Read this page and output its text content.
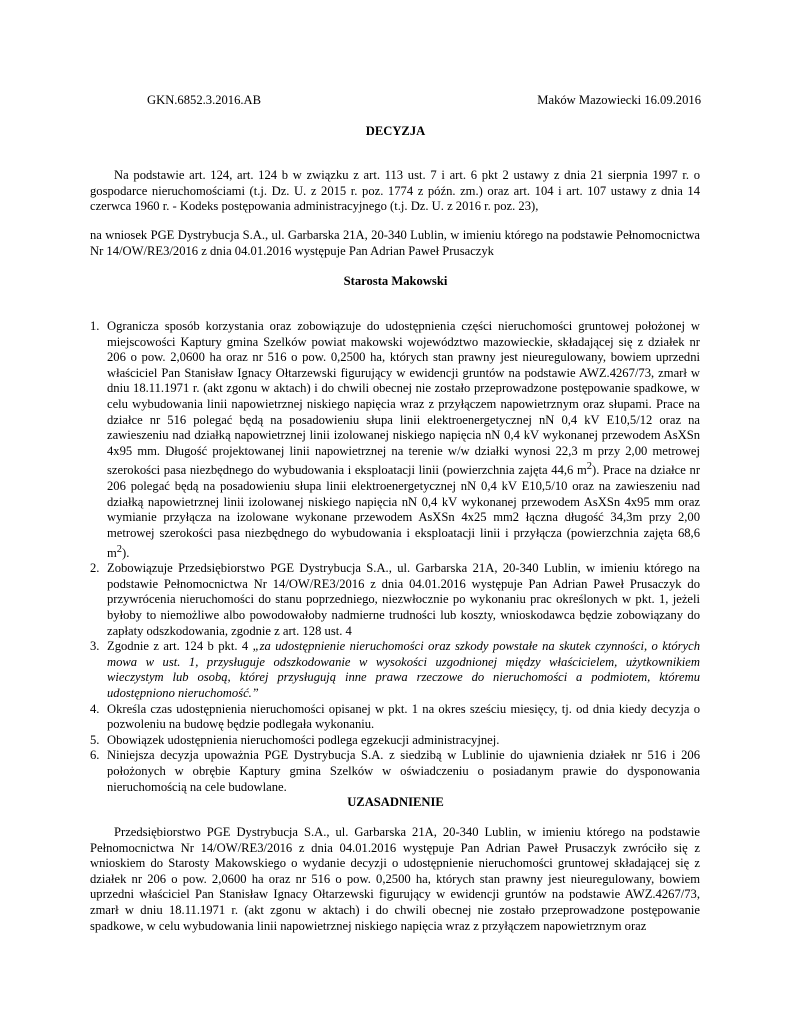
GKN.6852.3.2016.AB	Maków Mazowiecki 16.09.2016
DECYZJA
Na podstawie art. 124, art. 124 b w związku z art. 113 ust. 7 i art. 6 pkt 2 ustawy z dnia 21 sierpnia 1997 r. o gospodarce nieruchomościami (t.j. Dz. U. z 2015 r. poz. 1774 z późn. zm.) oraz art. 104 i art. 107 ustawy z dnia 14 czerwca 1960 r. - Kodeks postępowania administracyjnego (t.j. Dz. U. z 2016 r. poz. 23),
na wniosek PGE Dystrybucja S.A., ul. Garbarska 21A, 20-340 Lublin, w imieniu którego na podstawie Pełnomocnictwa Nr 14/OW/RE3/2016 z dnia 04.01.2016 występuje Pan Adrian Paweł Prusaczyk
Starosta Makowski
1. Ogranicza sposób korzystania oraz zobowiązuje do udostępnienia części nieruchomości gruntowej położonej w miejscowości Kaptury gmina Szelków powiat makowski województwo mazowieckie, składającej się z działek nr 206 o pow. 2,0600 ha oraz nr 516 o pow. 0,2500 ha, których stan prawny jest nieuregulowany, bowiem uprzedni właściciel Pan Stanisław Ignacy Ołtarzewski figurujący w ewidencji gruntów na podstawie AWZ.4267/73, zmarł w dniu 18.11.1971 r. (akt zgonu w aktach) i do chwili obecnej nie zostało przeprowadzone postępowanie spadkowe, w celu wybudowania linii napowietrznej niskiego napięcia wraz z przyłączem napowietrznym oraz słupami. Prace na działce nr 516 polegać będą na posadowieniu słupa linii elektroenergetycznej nN 0,4 kV E10,5/12 oraz na zawieszeniu nad działką napowietrznej linii izolowanej niskiego napięcia nN 0,4 kV wykonanej przewodem AsXSn 4x95 mm. Długość projektowanej linii napowietrznej na terenie w/w działki wynosi 22,3 m przy 2,00 metrowej szerokości pasa niezbędnego do wybudowania i eksploatacji linii (powierzchnia zajęta 44,6 $m^2$). Prace na działce nr 206 polegać będą na posadowieniu słupa linii elektroenergetycznej nN 0,4 kV E10,5/10 oraz na zawieszeniu nad działką napowietrznej linii izolowanej niskiego napięcia nN 0,4 kV wykonanej przewodem AsXSn 4x95 mm oraz wymianie przyłącza na izolowane wykonane przewodem AsXSn 4x25 mm2 łączna długość 34,3m przy 2,00 metrowej szerokości pasa niezbędnego do wybudowania i eksploatacji linii i przyłącza (powierzchnia zajęta 68,6 $m^2$).
2. Zobowiązuje Przedsiębiorstwo PGE Dystrybucja S.A., ul. Garbarska 21A, 20-340 Lublin, w imieniu którego na podstawie Pełnomocnictwa Nr 14/OW/RE3/2016 z dnia 04.01.2016 występuje Pan Adrian Paweł Prusaczyk do przywrócenia nieruchomości do stanu poprzedniego, niezwłocznie po wykonaniu prac określonych w pkt. 1, jeżeli byłoby to niemożliwe albo powodowałoby nadmierne trudności lub koszty, wnioskodawca będzie zobowiązany do zapłaty odszkodowania, zgodnie z art. 128 ust. 4
3. Zgodnie z art. 124 b pkt. 4 „za udostępnienie nieruchomości oraz szkody powstałe na skutek czynności, o których mowa w ust. 1, przysługuje odszkodowanie w wysokości uzgodnionej między właścicielem, użytkownikiem wieczystym lub osobą, której przysługują inne prawa rzeczowe do nieruchomości a podmiotem, któremu udostępniono nieruchomość.”
4. Określa czas udostępnienia nieruchomości opisanej w pkt. 1 na okres sześciu miesięcy, tj. od dnia kiedy decyzja o pozwoleniu na budowę będzie podlegała wykonaniu.
5. Obowiązek udostępnienia nieruchomości podlega egzekucji administracyjnej.
6. Niniejsza decyzja upoważnia PGE Dystrybucja S.A. z siedzibą w Lublinie do ujawnienia działek nr 516 i 206 położonych w obrębie Kaptury gmina Szelków w oświadczeniu o posiadanym prawie do dysponowania nieruchomością na cele budowlane.
UZASADNIENIE
Przedsiębiorstwo PGE Dystrybucja S.A., ul. Garbarska 21A, 20-340 Lublin, w imieniu którego na podstawie Pełnomocnictwa Nr 14/OW/RE3/2016 z dnia 04.01.2016 występuje Pan Adrian Paweł Prusaczyk zwróciło się z wnioskiem do Starosty Makowskiego o wydanie decyzji o udostępnienie nieruchomości gruntowej składającej się z działek nr 206 o pow. 2,0600 ha oraz nr 516 o pow. 0,2500 ha, których stan prawny jest nieuregulowany, bowiem uprzedni właściciel Pan Stanisław Ignacy Ołtarzewski figurujący w ewidencji gruntów na podstawie AWZ.4267/73, zmarł w dniu 18.11.1971 r. (akt zgonu w aktach) i do chwili obecnej nie zostało przeprowadzone postępowanie spadkowe, w celu wybudowania linii napowietrznej niskiego napięcia wraz z przyłączem napowietrznym oraz
